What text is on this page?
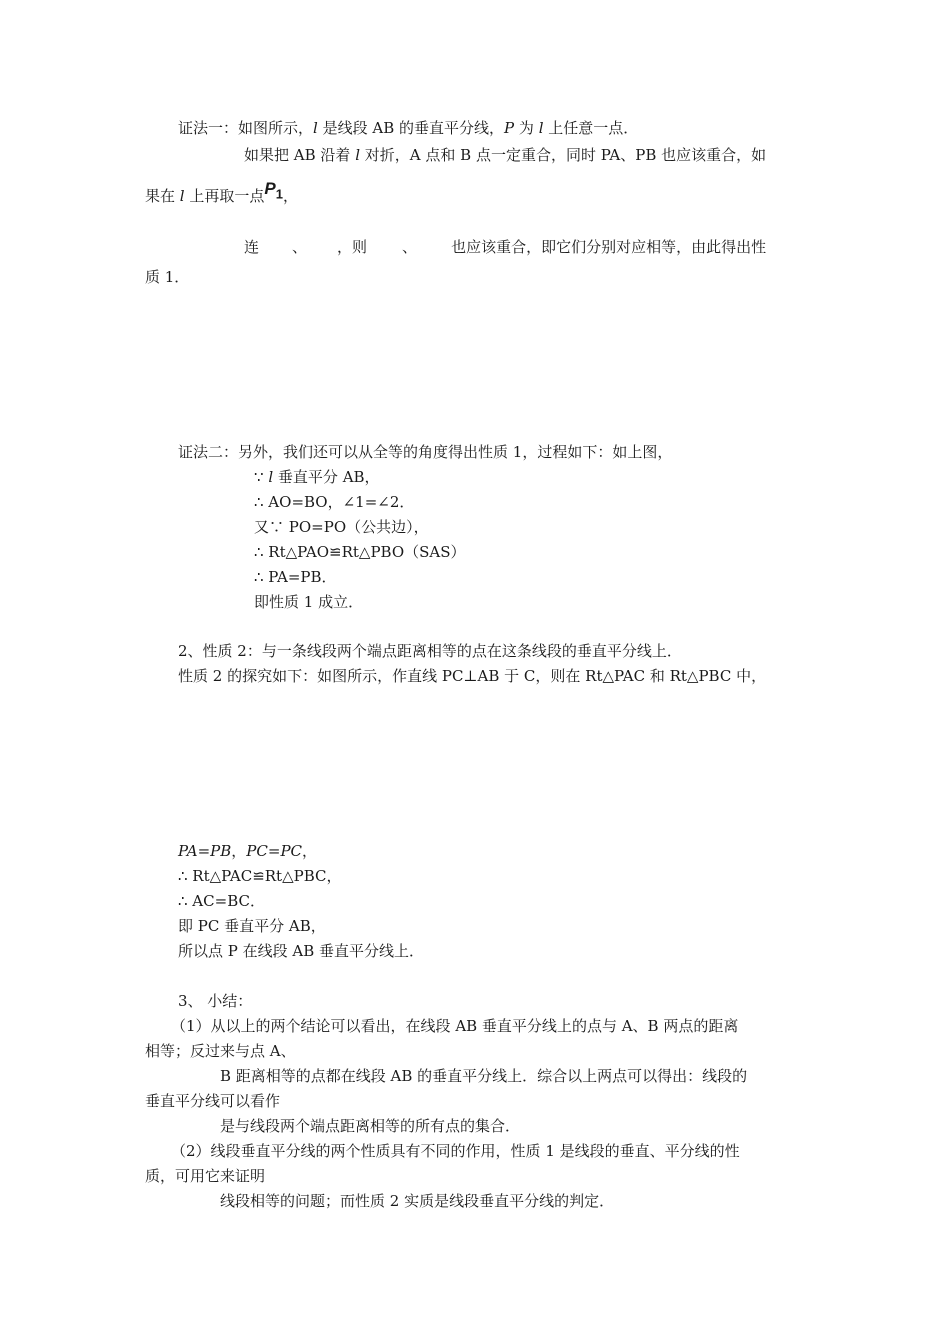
证法一：如图所示，l 是线段 AB 的垂直平分线，P 为 l 上任意一点．
如果把 AB 沿着 l 对折，A 点和 B 点一定重合，同时 PA、PB 也应该重合，如
果在 l 上再取一点$P_1$，
连 、 ，则 、 也应该重合，即它们分别对应相等，由此得出性
质 1．
证法二：另外，我们还可以从全等的角度得出性质 1，过程如下：如上图，
∵ l 垂直平分 AB，
∴ AO=BO，∠1=∠2．
又∵ PO=PO（公共边），
∴ Rt△PAO≌Rt△PBO（SAS）
∴ PA=PB．
即性质 1 成立．
2、性质 2：与一条线段两个端点距离相等的点在这条线段的垂直平分线上．
性质 2 的探究如下：如图所示，作直线 PC⊥AB 于 C，则在 Rt△PAC 和 Rt△PBC 中，
PA=PB，PC=PC，
∴ Rt△PAC≌Rt△PBC，
∴ AC=BC．
即 PC 垂直平分 AB，
所以点 P 在线段 AB 垂直平分线上．
3、 小结：
（1）从以上的两个结论可以看出，在线段 AB 垂直平分线上的点与 A、B 两点的距离
相等；反过来与点 A、
B 距离相等的点都在线段 AB 的垂直平分线上．综合以上两点可以得出：线段的
垂直平分线可以看作
是与线段两个端点距离相等的所有点的集合．
（2）线段垂直平分线的两个性质具有不同的作用，性质 1 是线段的垂直、平分线的性
质，可用它来证明
线段相等的问题；而性质 2 实质是线段垂直平分线的判定．
